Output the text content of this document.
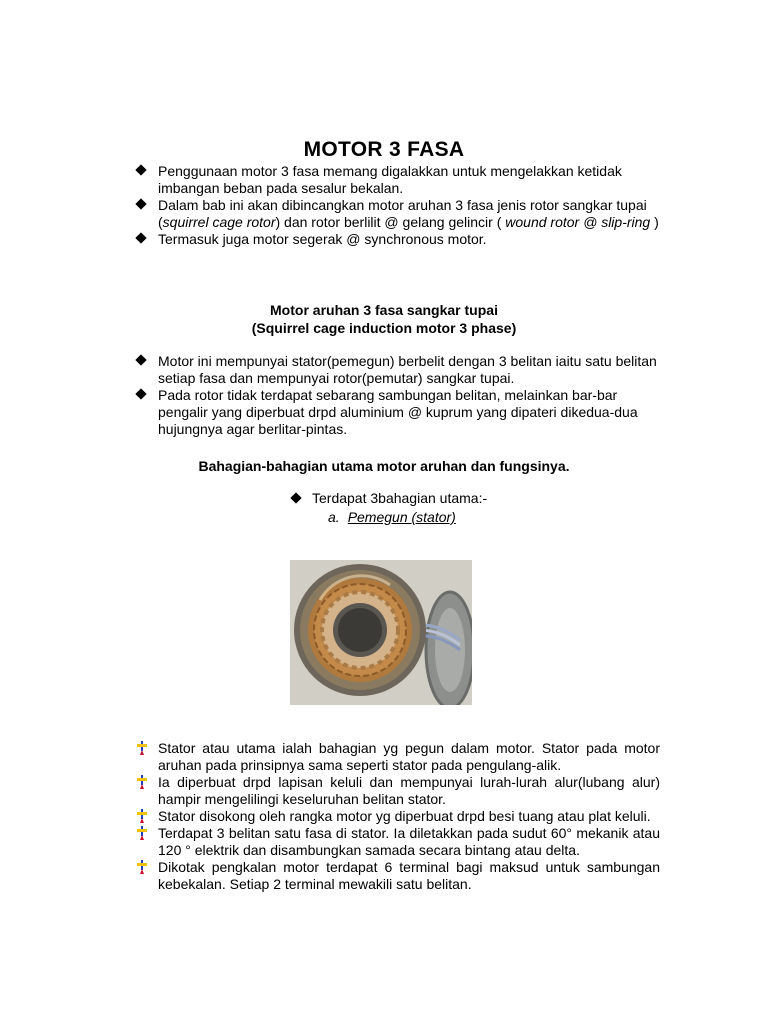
MOTOR 3 FASA
Penggunaan motor 3 fasa memang digalakkan untuk mengelakkan ketidak imbangan beban pada sesalur bekalan.
Dalam bab ini akan dibincangkan motor aruhan 3 fasa jenis rotor sangkar tupai (squirrel cage rotor) dan rotor berlilit @ gelang gelincir ( wound rotor @ slip-ring )
Termasuk juga motor segerak @ synchronous motor.
Motor aruhan 3 fasa sangkar tupai
(Squirrel cage induction motor 3 phase)
Motor ini mempunyai stator(pemegun) berbelit dengan 3 belitan iaitu satu belitan setiap fasa dan mempunyai rotor(pemutar) sangkar tupai.
Pada rotor tidak terdapat sebarang sambungan belitan, melainkan bar-bar pengalir yang diperbuat drpd aluminium @ kuprum yang dipateri dikedua-dua hujungnya agar berlitar-pintas.
Bahagian-bahagian utama motor aruhan dan fungsinya.
Terdapat 3bahagian utama:-
a. Pemegun (stator)
Stator atau utama ialah bahagian yg pegun dalam motor. Stator pada motor aruhan pada prinsipnya sama seperti stator pada pengulang-alik.
Ia diperbuat drpd lapisan keluli dan mempunyai lurah-lurah alur(lubang alur) hampir mengelilingi keseluruhan belitan stator.
Stator disokong oleh rangka motor yg diperbuat drpd besi tuang atau plat keluli.
Terdapat 3 belitan satu fasa di stator. Ia diletakkan pada sudut 60° mekanik atau 120 ° elektrik dan disambungkan samada secara bintang atau delta.
Dikotak pengkalan motor terdapat 6 terminal bagi maksud untuk sambungan kebekalan. Setiap 2 terminal mewakili satu belitan.
